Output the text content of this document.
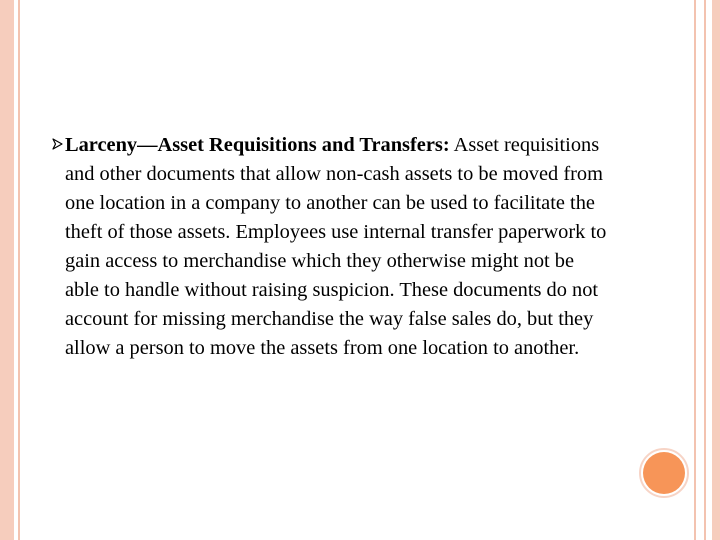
Larceny—Asset Requisitions and Transfers: Asset requisitions and other documents that allow non-cash assets to be moved from one location in a company to another can be used to facilitate the theft of those assets. Employees use internal transfer paperwork to gain access to merchandise which they otherwise might not be able to handle without raising suspicion. These documents do not account for missing merchandise the way false sales do, but they allow a person to move the assets from one location to another.
